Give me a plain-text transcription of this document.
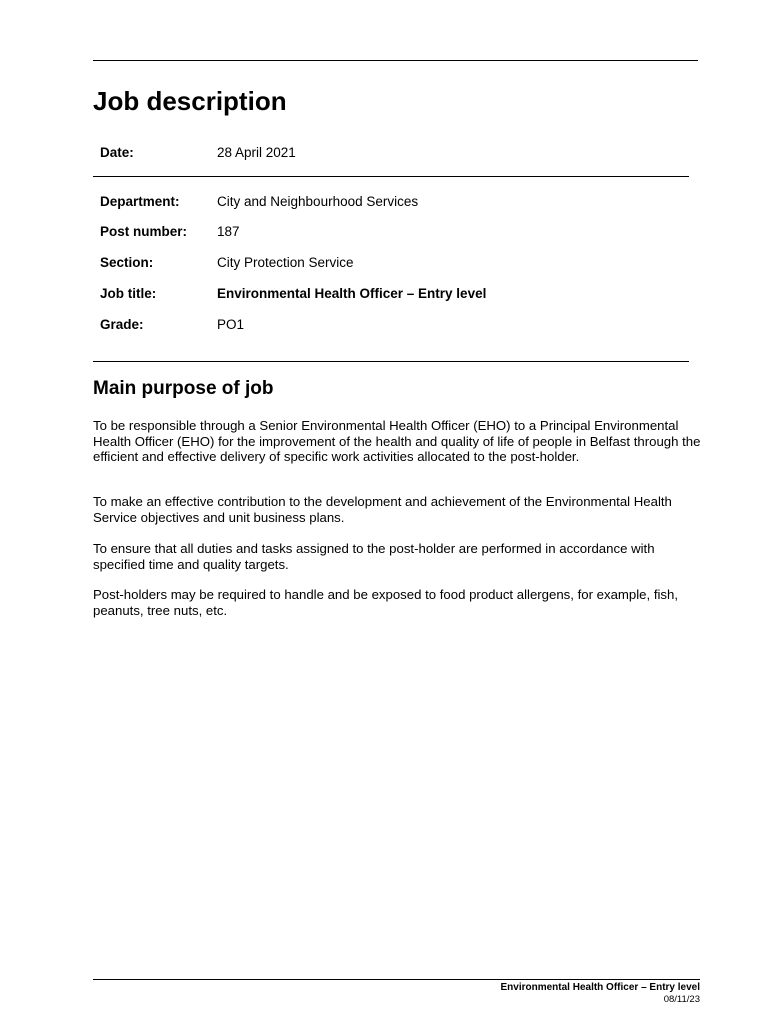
Job description
Date:	28 April 2021
Department:	City and Neighbourhood Services
Post number: 187
Section:	City Protection Service
Job title:	Environmental Health Officer – Entry level
Grade:	PO1
Main purpose of job

To be responsible through a Senior Environmental Health Officer (EHO) to a Principal Environmental Health Officer (EHO) for the improvement of the health and quality of life of people in Belfast through the efficient and effective delivery of specific work activities allocated to the post-holder.

To make an effective contribution to the development and achievement of the Environmental Health Service objectives and unit business plans.

To ensure that all duties and tasks assigned to the post-holder are performed in accordance with specified time and quality targets.

Post-holders may be required to handle and be exposed to food product allergens, for example, fish, peanuts, tree nuts, etc.

Environmental Health Officer – Entry level
08/11/23
